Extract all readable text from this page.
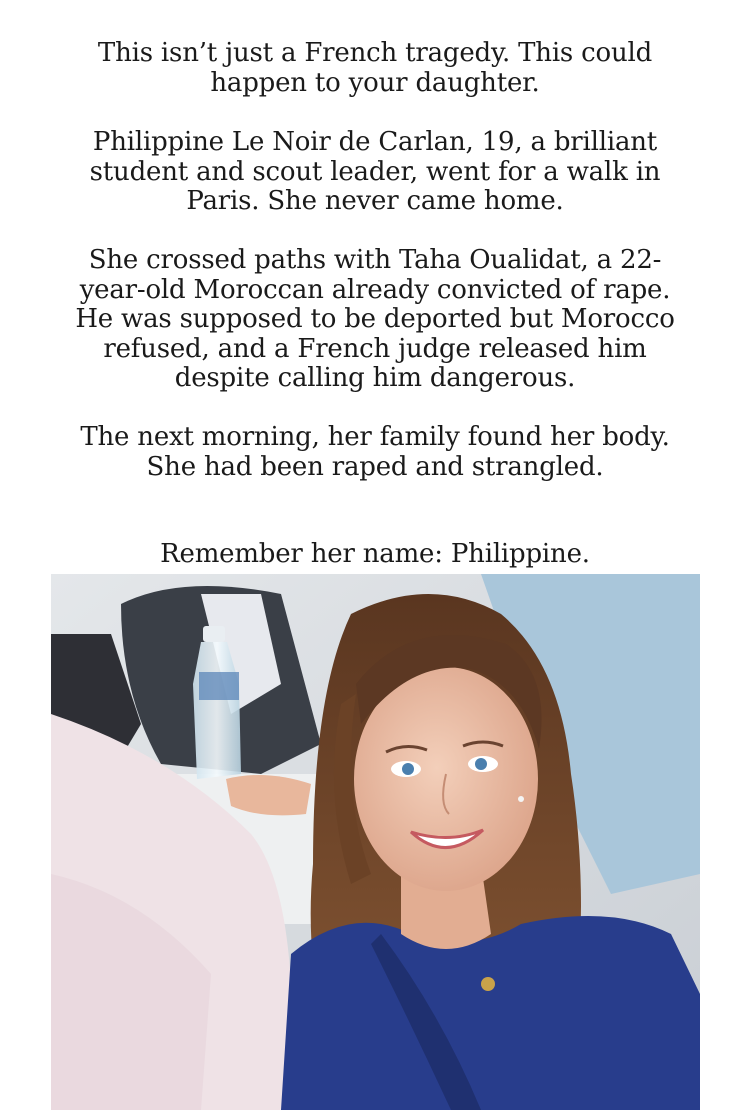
This isn’t just a French tragedy. This could happen to your daughter.

Philippine Le Noir de Carlan, 19, a brilliant student and scout leader, went for a walk in Paris. She never came home.

She crossed paths with Taha Oualidat, a 22-year-old Moroccan already convicted of rape. He was supposed to be deported but Morocco refused, and a French judge released him despite calling him dangerous.

The next morning, her family found her body. She had been raped and strangled.

Remember her name: Philippine.
